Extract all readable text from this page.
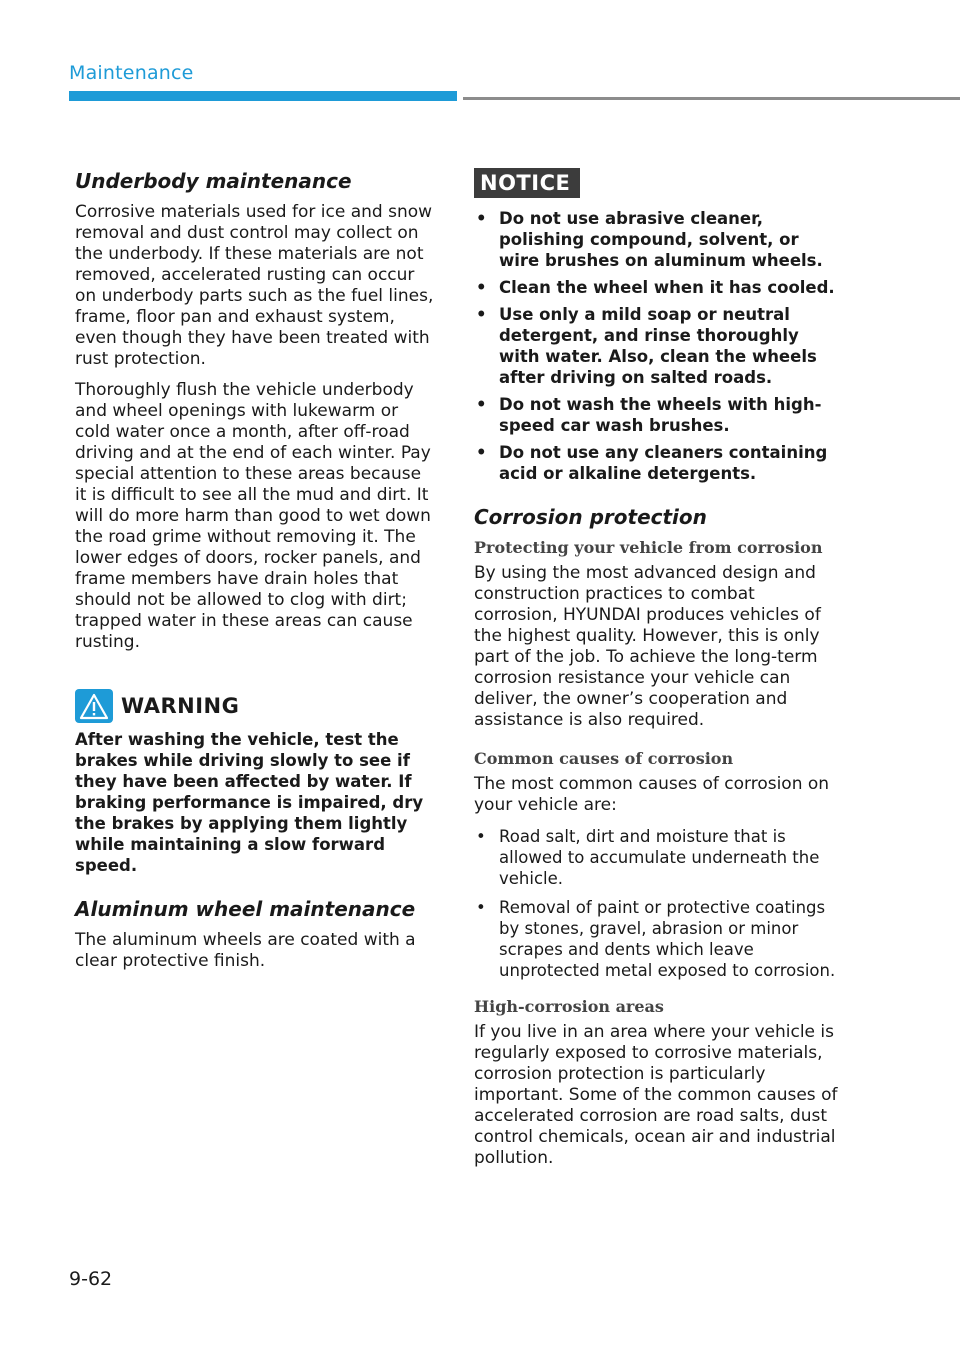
Maintenance
Underbody maintenance

Corrosive materials used for ice and snow removal and dust control may collect on the underbody. If these materials are not removed, accelerated rusting can occur on underbody parts such as the fuel lines, frame, floor pan and exhaust system, even though they have been treated with rust protection.

Thoroughly flush the vehicle underbody and wheel openings with lukewarm or cold water once a month, after off-road driving and at the end of each winter. Pay special attention to these areas because it is difficult to see all the mud and dirt. It will do more harm than good to wet down the road grime without removing it. The lower edges of doors, rocker panels, and frame members have drain holes that should not be allowed to clog with dirt; trapped water in these areas can cause rusting.

WARNING

After washing the vehicle, test the brakes while driving slowly to see if they have been affected by water. If braking performance is impaired, dry the brakes by applying them lightly while maintaining a slow forward speed.

Aluminum wheel maintenance

The aluminum wheels are coated with a clear protective finish.

NOTICE
• Do not use abrasive cleaner, polishing compound, solvent, or wire brushes on aluminum wheels.
• Clean the wheel when it has cooled.
• Use only a mild soap or neutral detergent, and rinse thoroughly with water. Also, clean the wheels after driving on salted roads.
• Do not wash the wheels with high-speed car wash brushes.
• Do not use any cleaners containing acid or alkaline detergents.
Corrosion protection
Protecting your vehicle from corrosion

By using the most advanced design and construction practices to combat corrosion, HYUNDAI produces vehicles of the highest quality. However, this is only part of the job. To achieve the long-term corrosion resistance your vehicle can deliver, the owner’s cooperation and assistance is also required.

Common causes of corrosion

The most common causes of corrosion on your vehicle are:

• Road salt, dirt and moisture that is allowed to accumulate underneath the vehicle.
• Removal of paint or protective coatings by stones, gravel, abrasion or minor scrapes and dents which leave unprotected metal exposed to corrosion.
High-corrosion areas

If you live in an area where your vehicle is regularly exposed to corrosive materials, corrosion protection is particularly important. Some of the common causes of accelerated corrosion are road salts, dust control chemicals, ocean air and industrial pollution.

9-62
